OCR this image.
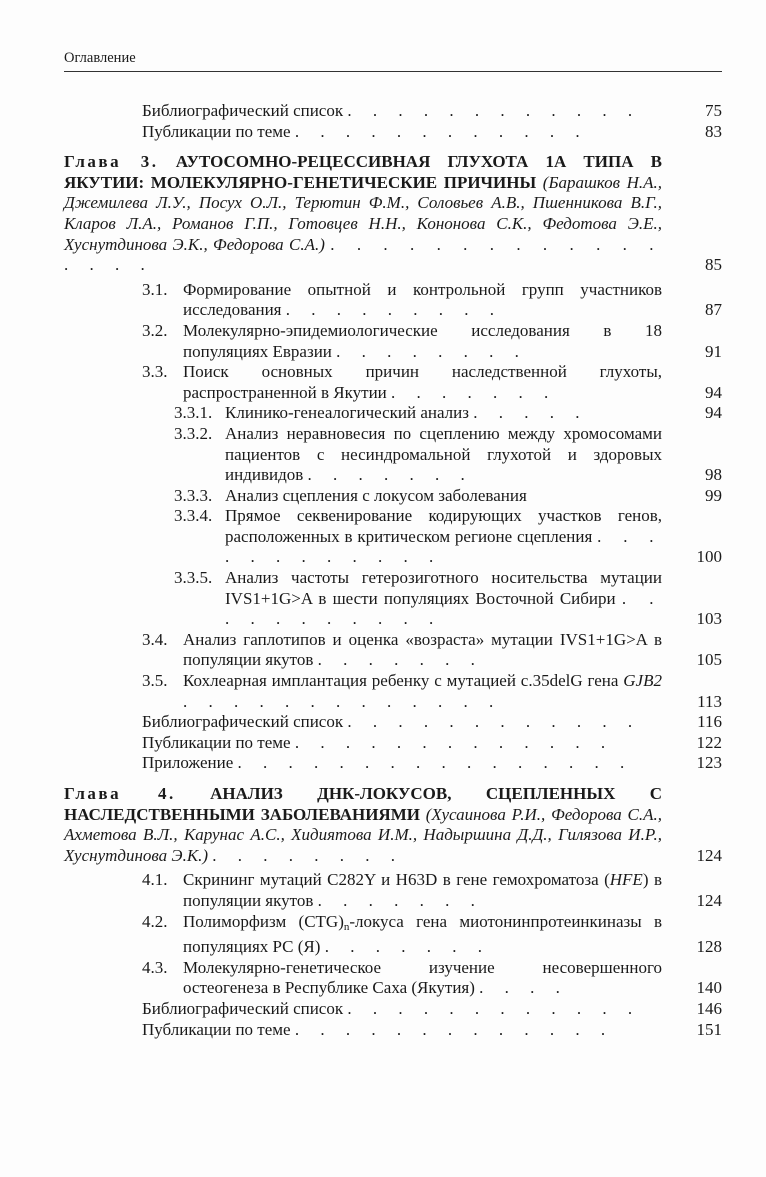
Оглавление
Библиографический список . . . . . . . . . . . .	75
Публикации по теме . . . . . . . . . . . .	83
Глава 3. АУТОСОМНО-РЕЦЕССИВНАЯ ГЛУХОТА 1А ТИПА В ЯКУТИИ: МОЛЕКУЛЯРНО-ГЕНЕТИЧЕСКИЕ ПРИЧИНЫ (Барашков Н.А., Джемилева Л.У., Посух О.Л., Терютин Ф.М., Соловьев А.В., Пшенникова В.Г., Кларов Л.А., Романов Г.П., Готовцев Н.Н., Кононова С.К., Федотова Э.Е., Хуснутдинова Э.К., Федорова С.А.) . . . . . . . . . . . . . . . . .	85
3.1. Формирование опытной и контрольной групп участников исследования . . . . . . . . .	87
3.2. Молекулярно-эпидемиологические исследования в 18 популяциях Евразии . . . . . . . .	91
3.3. Поиск основных причин наследственной глухоты, распространенной в Якутии . . . . . . .	94
3.3.1. Клинико-генеалогический анализ . . . . .	94
3.3.2. Анализ неравновесия по сцеплению между хромосомами пациентов с несиндромальной глухотой и здоровых индивидов . . . . . . .	98
3.3.3. Анализ сцепления с локусом заболевания	99
3.3.4. Прямое секвенирование кодирующих участков генов, расположенных в критическом регионе сцепления . . . . . . . . . . . .	100
3.3.5. Анализ частоты гетерозиготного носительства мутации IVS1+1G>A в шести популяциях Восточной Сибири . . . . . . . . . . .	103
3.4. Анализ гаплотипов и оценка «возраста» мутации IVS1+1G>A в популяции якутов . . . . . . .	105
3.5. Кохлеарная имплантация ребенку с мутацией c.35delG гена GJB2 . . . . . . . . . . . . .	113
Библиографический список . . . . . . . . . . . .	116
Публикации по теме . . . . . . . . . . . . .	122
Приложение . . . . . . . . . . . . . . . .	123
Глава 4. АНАЛИЗ ДНК-ЛОКУСОВ, СЦЕПЛЕННЫХ С НАСЛЕДСТВЕННЫМИ ЗАБОЛЕВАНИЯМИ (Хусаинова Р.И., Федорова С.А., Ахметова В.Л., Карунас А.С., Хидиятова И.М., Надыршина Д.Д., Гилязова И.Р., Хуснутдинова Э.К.) . . . . . . . .	124
4.1. Скрининг мутаций C282Y и H63D в гене гемохроматоза (HFE) в популяции якутов . . . . . . .	124
4.2. Полиморфизм $(CTG)_n$-локуса гена миотонинпротеинкиназы в популяциях РС (Я) . . . . . . .	128
4.3. Молекулярно-генетическое изучение несовершенного остеогенеза в Республике Саха (Якутия) . . . .	140
Библиографический список . . . . . . . . . . . .	146
Публикации по теме . . . . . . . . . . . . .	151
